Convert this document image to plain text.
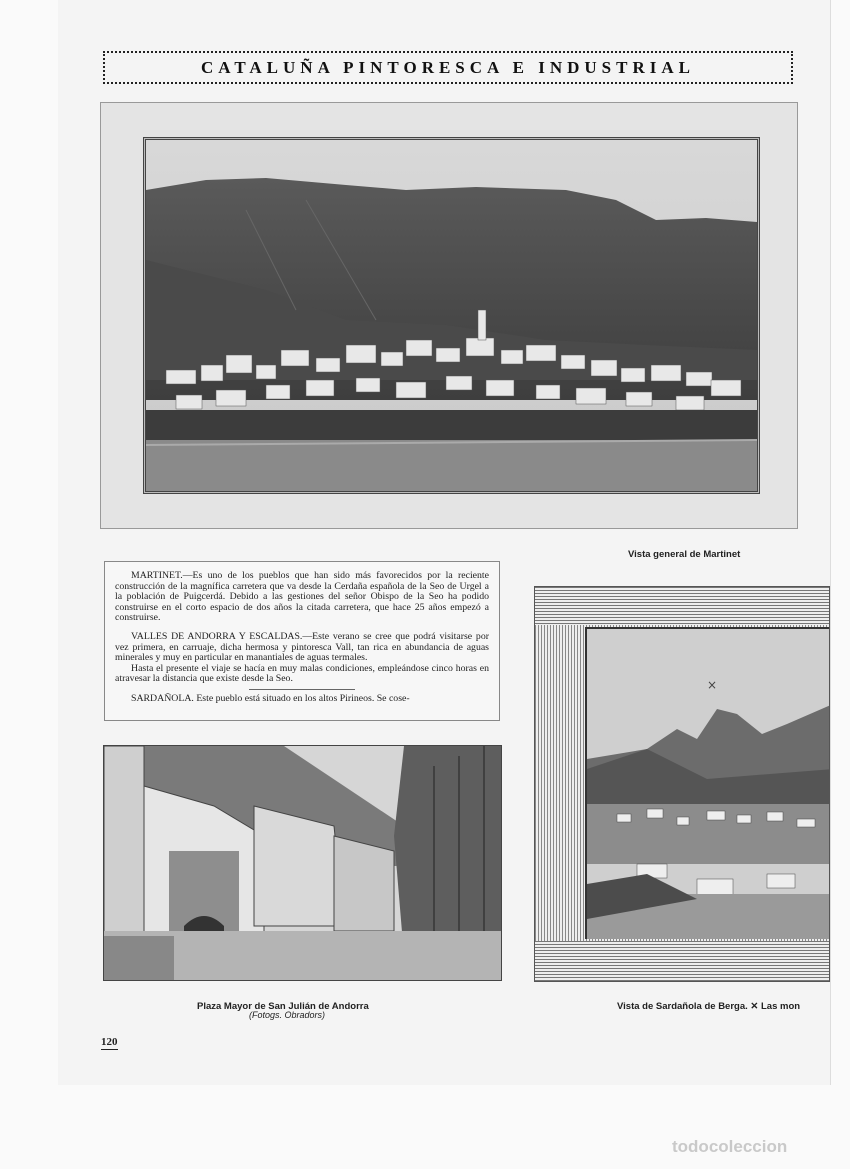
CATALUÑA PINTORESCA E INDUSTRIAL
Vista general de Martinet

MARTINET.—Es uno de los pueblos que han sido más favorecidos por la reciente construcción de la magnífica carretera que va desde la Cerdaña española de la Seo de Urgel a la población de Puigcerdá. Debido a las gestiones del señor Obispo de la Seo ha podido construirse en el corto espacio de dos años la citada carretera, que hace 25 años empezó a construirse.

VALLES DE ANDORRA Y ESCALDAS.—Este verano se cree que podrá visitarse por vez primera, en carruaje, dicha hermosa y pintoresca Vall, tan rica en abundancia de aguas minerales y muy en particular en manantiales de aguas termales.

Hasta el presente el viaje se hacía en muy malas condiciones, empleándose cinco horas en atravesar la distancia que existe desde la Seo.

SARDAÑOLA. Este pueblo está situado en los altos Pirineos. Se cose-

Plaza Mayor de San Julián de Andorra
(Fotogs. Obradors)
×
Vista de Sardañola de Berga. ✕ Las mon
120
todocoleccion
